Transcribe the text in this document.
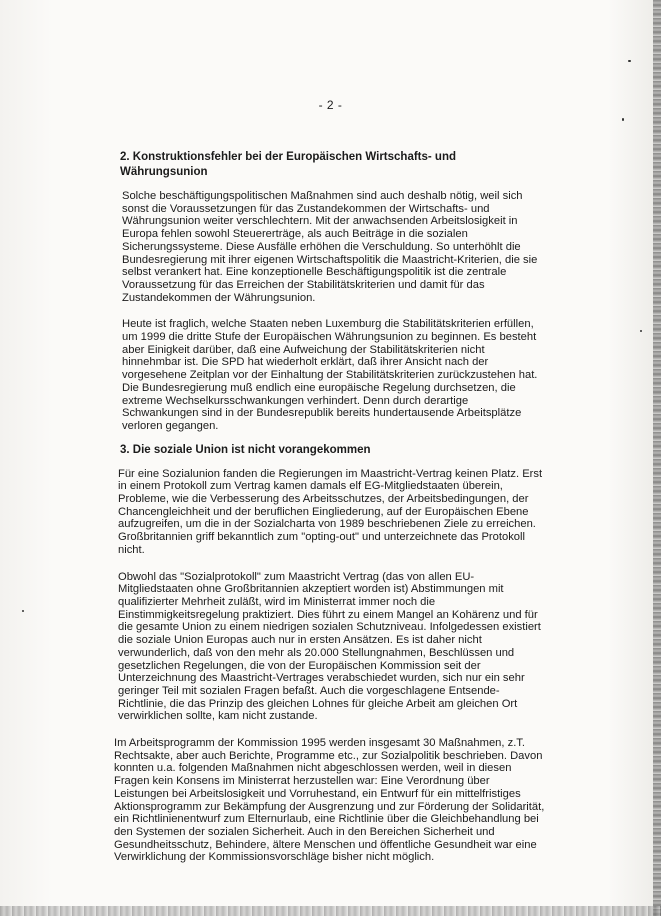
- 2 -
2. Konstruktionsfehler bei der Europäischen Wirtschafts- und Währungsunion

Solche beschäftigungspolitischen Maßnahmen sind auch deshalb nötig, weil sich sonst die Voraussetzungen für das Zustandekommen der Wirtschafts- und Währungsunion weiter verschlechtern. Mit der anwachsenden Arbeitslosigkeit in Europa fehlen sowohl Steuererträge, als auch Beiträge in die sozialen Sicherungssysteme. Diese Ausfälle erhöhen die Verschuldung. So unterhöhlt die Bundesregierung mit ihrer eigenen Wirtschaftspolitik die Maastricht-Kriterien, die sie selbst verankert hat. Eine konzeptionelle Beschäftigungspolitik ist die zentrale Voraussetzung für das Erreichen der Stabilitätskriterien und damit für das Zustandekommen der Währungsunion.

Heute ist fraglich, welche Staaten neben Luxemburg die Stabilitätskriterien erfüllen, um 1999 die dritte Stufe der Europäischen Währungsunion zu beginnen. Es besteht aber Einigkeit darüber, daß eine Aufweichung der Stabilitätskriterien nicht hinnehmbar ist. Die SPD hat wiederholt erklärt, daß ihrer Ansicht nach der vorgesehene Zeitplan vor der Einhaltung der Stabilitätskriterien zurückzustehen hat. Die Bundesregierung muß endlich eine europäische Regelung durchsetzen, die extreme Wechselkursschwankungen verhindert. Denn durch derartige Schwankungen sind in der Bundesrepublik bereits hundertausende Arbeitsplätze verloren gegangen.

3. Die soziale Union ist nicht vorangekommen

Für eine Sozialunion fanden die Regierungen im Maastricht-Vertrag keinen Platz. Erst in einem Protokoll zum Vertrag kamen damals elf EG-Mitgliedstaaten überein, Probleme, wie die Verbesserung des Arbeitsschutzes, der Arbeitsbedingungen, der Chancengleichheit und der beruflichen Eingliederung, auf der Europäischen Ebene aufzugreifen, um die in der Sozialcharta von 1989 beschriebenen Ziele zu erreichen. Großbritannien griff bekanntlich zum "opting-out" und unterzeichnete das Protokoll nicht.

Obwohl das "Sozialprotokoll" zum Maastricht Vertrag (das von allen EU-Mitgliedstaaten ohne Großbritannien akzeptiert worden ist) Abstimmungen mit qualifizierter Mehrheit zuläßt, wird im Ministerrat immer noch die Einstimmigkeitsregelung praktiziert. Dies führt zu einem Mangel an Kohärenz und für die gesamte Union zu einem niedrigen sozialen Schutzniveau. Infolgedessen existiert die soziale Union Europas auch nur in ersten Ansätzen. Es ist daher nicht verwunderlich, daß von den mehr als 20.000 Stellungnahmen, Beschlüssen und gesetzlichen Regelungen, die von der Europäischen Kommission seit der Unterzeichnung des Maastricht-Vertrages verabschiedet wurden, sich nur ein sehr geringer Teil mit sozialen Fragen befaßt. Auch die vorgeschlagene Entsende-Richtlinie, die das Prinzip des gleichen Lohnes für gleiche Arbeit am gleichen Ort verwirklichen sollte, kam nicht zustande.

Im Arbeitsprogramm der Kommission 1995 werden insgesamt 30 Maßnahmen, z.T. Rechtsakte, aber auch Berichte, Programme etc., zur Sozialpolitik beschrieben. Davon konnten u.a. folgenden Maßnahmen nicht abgeschlossen werden, weil in diesen Fragen kein Konsens im Ministerrat herzustellen war: Eine Verordnung über Leistungen bei Arbeitslosigkeit und Vorruhestand, ein Entwurf für ein mittelfristiges Aktionsprogramm zur Bekämpfung der Ausgrenzung und zur Förderung der Solidarität, ein Richtlinienentwurf zum Elternurlaub, eine Richtlinie über die Gleichbehandlung bei den Systemen der sozialen Sicherheit. Auch in den Bereichen Sicherheit und Gesundheitsschutz, Behindere, ältere Menschen und öffentliche Gesundheit war eine Verwirklichung der Kommissionsvorschläge bisher nicht möglich.
